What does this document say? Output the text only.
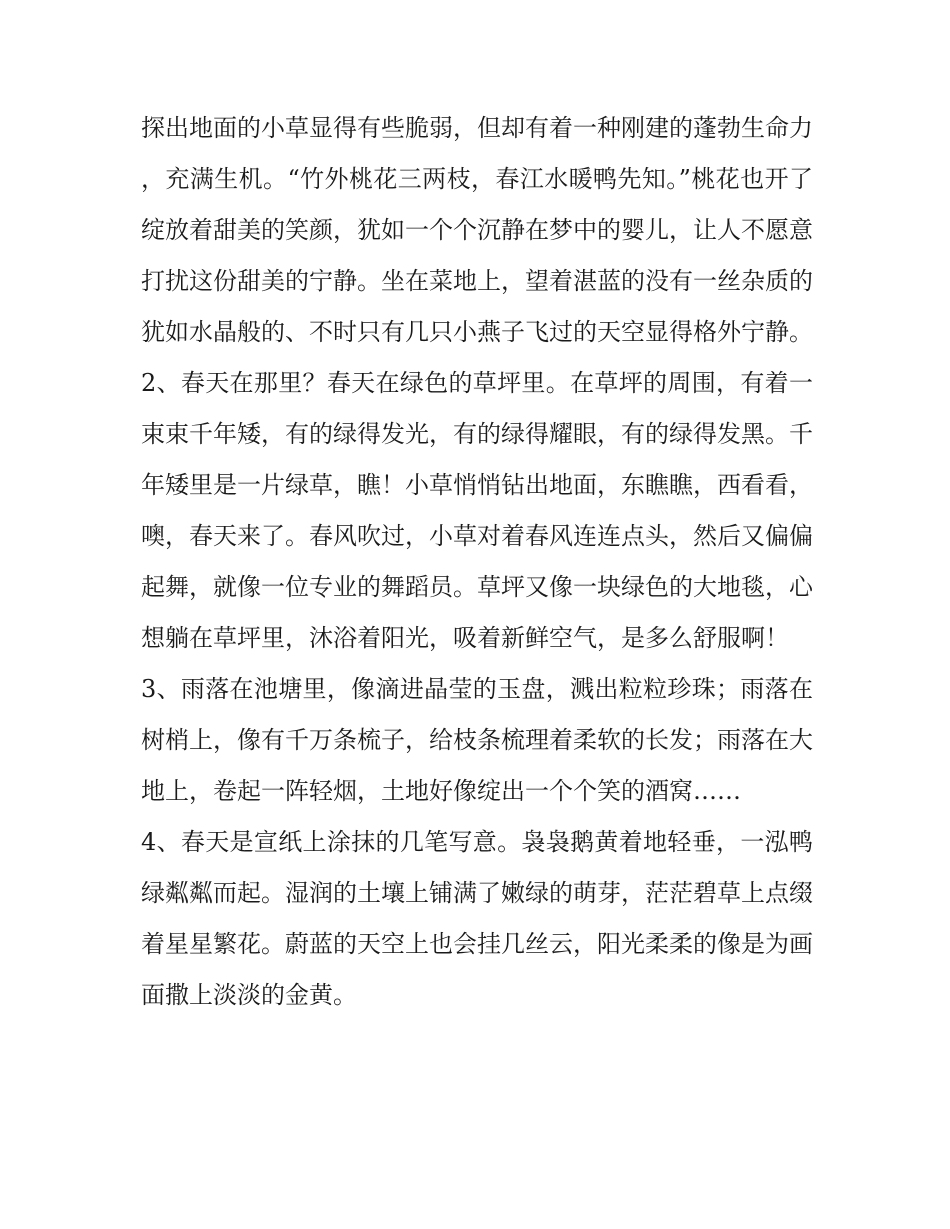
探出地面的小草显得有些脆弱，但却有着一种刚建的蓬勃生命力，充满生机。“竹外桃花三两枝，春江水暖鸭先知。”桃花也开了绽放着甜美的笑颜，犹如一个个沉静在梦中的婴儿，让人不愿意打扰这份甜美的宁静。坐在菜地上，望着湛蓝的没有一丝杂质的犹如水晶般的、不时只有几只小燕子飞过的天空显得格外宁静。

2、春天在那里？春天在绿色的草坪里。在草坪的周围，有着一束束千年矮，有的绿得发光，有的绿得耀眼，有的绿得发黑。千年矮里是一片绿草，瞧！小草悄悄钻出地面，东瞧瞧，西看看，噢，春天来了。春风吹过，小草对着春风连连点头，然后又偏偏起舞，就像一位专业的舞蹈员。草坪又像一块绿色的大地毯，心想躺在草坪里，沐浴着阳光，吸着新鲜空气，是多么舒服啊！

3、雨落在池塘里，像滴进晶莹的玉盘，溅出粒粒珍珠；雨落在树梢上，像有千万条梳子，给枝条梳理着柔软的长发；雨落在大地上，卷起一阵轻烟，土地好像绽出一个个笑的酒窝……

4、春天是宣纸上涂抹的几笔写意。袅袅鹅黄着地轻垂，一泓鸭绿粼粼而起。湿润的土壤上铺满了嫩绿的萌芽，茫茫碧草上点缀着星星繁花。蔚蓝的天空上也会挂几丝云，阳光柔柔的像是为画面撒上淡淡的金黄。
